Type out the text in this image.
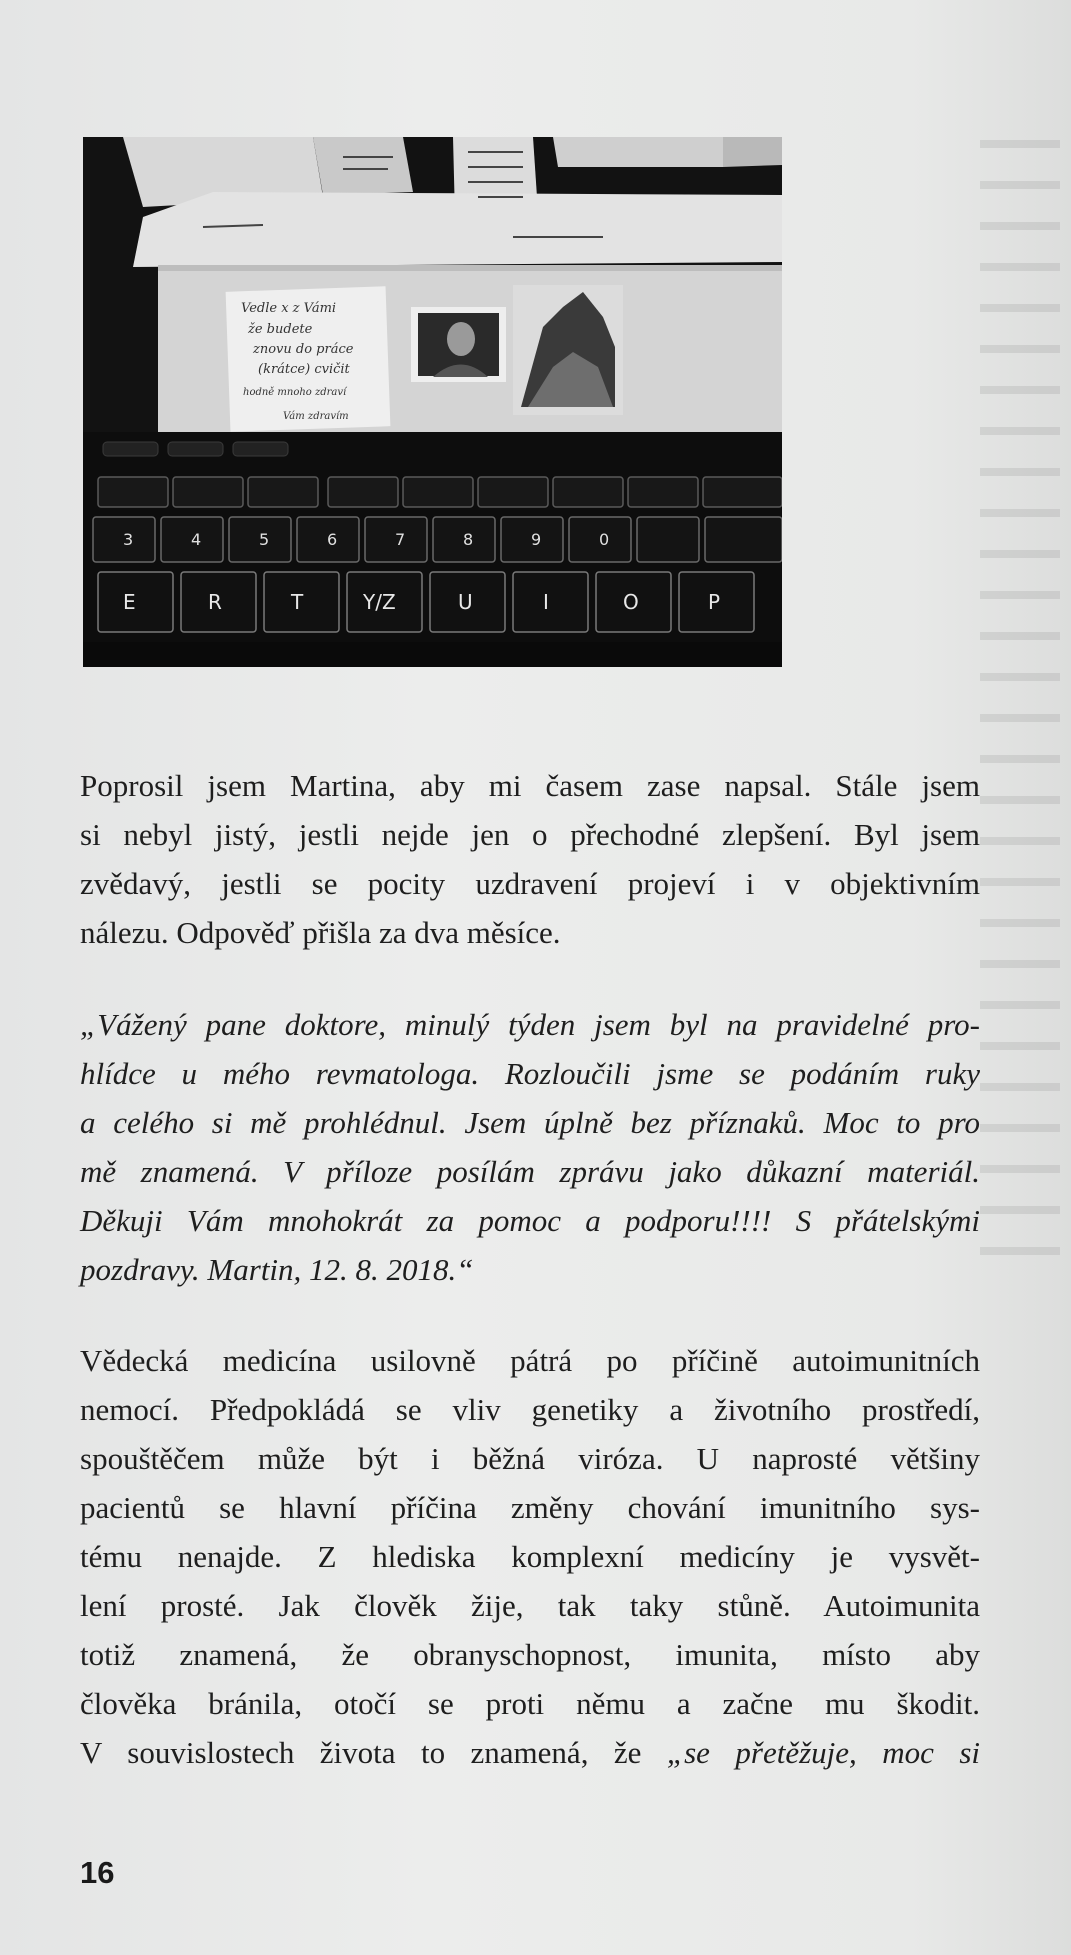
Vedle x z Vámi
že budete
znovu do práce
(krátce) cvičit
hodně mnoho zdraví
Vám zdravím
3	4	5	6	7	8	9	0
E	R	T	Y/Z	U	I	O	P
Poprosil jsem Martina, aby mi časem zase napsal. Stále jsem
si nebyl jistý, jestli nejde jen o přechodné zlepšení. Byl jsem
zvědavý, jestli se pocity uzdravení projeví i v objektivním
nálezu. Odpověď přišla za dva měsíce.
„Vážený pane doktore, minulý týden jsem byl na pravidelné pro-
hlídce u mého revmatologa. Rozloučili jsme se podáním ruky
a celého si mě prohlédnul. Jsem úplně bez příznaků. Moc to pro
mě znamená. V příloze posílám zprávu jako důkazní materiál.
Děkuji Vám mnohokrát za pomoc a podporu!!!! S přátelskými
pozdravy. Martin, 12. 8. 2018.“
Vědecká medicína usilovně pátrá po příčině autoimunitních
nemocí. Předpokládá se vliv genetiky a životního prostředí,
spouštěčem může být i běžná viróza. U naprosté většiny
pacientů se hlavní příčina změny chování imunitního sys-
tému nenajde. Z hlediska komplexní medicíny je vysvět-
lení prosté. Jak člověk žije, tak taky stůně. Autoimunita
totiž znamená, že obranyschopnost, imunita, místo aby
člověka bránila, otočí se proti němu a začne mu škodit.
V souvislostech života to znamená, že „se přetěžuje, moc si
16
